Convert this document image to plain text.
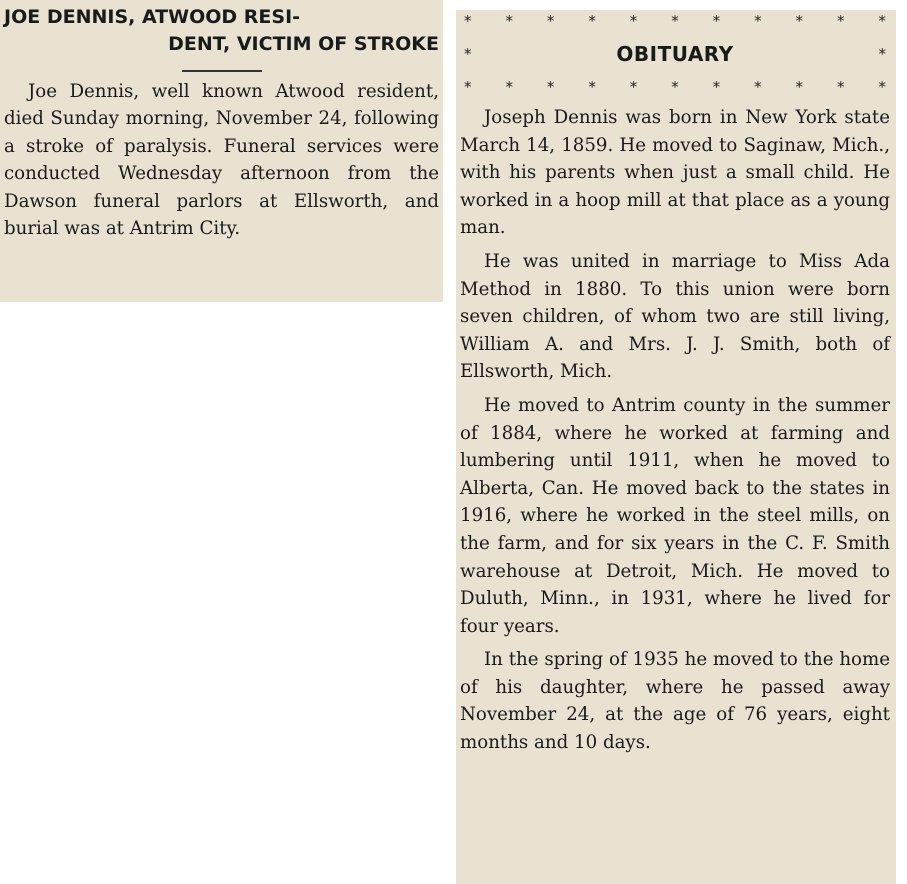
JOE DENNIS, ATWOOD RESI-
DENT, VICTIM OF STROKE

Joe Dennis, well known Atwood resident, died Sunday morning, November 24, following a stroke of paralysis. Funeral services were conducted Wednesday afternoon from the Dawson funeral parlors at Ellsworth, and burial was at Antrim City.

* * * * * * * * * * *
*	OBITUARY	*
* * * * * * * * * * *

Joseph Dennis was born in New York state March 14, 1859. He moved to Saginaw, Mich., with his parents when just a small child. He worked in a hoop mill at that place as a young man.

He was united in marriage to Miss Ada Method in 1880. To this union were born seven children, of whom two are still living, William A. and Mrs. J. J. Smith, both of Ellsworth, Mich.

He moved to Antrim county in the summer of 1884, where he worked at farming and lumbering until 1911, when he moved to Alberta, Can. He moved back to the states in 1916, where he worked in the steel mills, on the farm, and for six years in the C. F. Smith warehouse at Detroit, Mich. He moved to Duluth, Minn., in 1931, where he lived for four years.

In the spring of 1935 he moved to the home of his daughter, where he passed away November 24, at the age of 76 years, eight months and 10 days.
